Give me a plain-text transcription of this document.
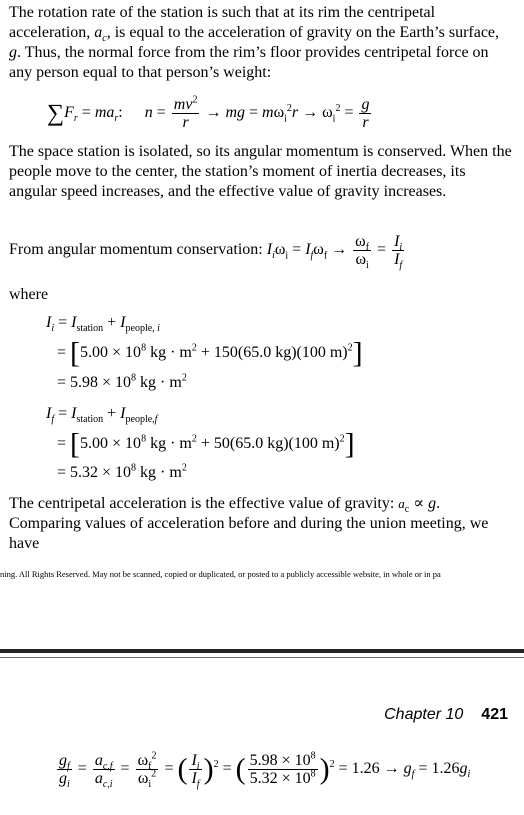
The rotation rate of the station is such that at its rim the centripetal acceleration, $a_c$, is equal to the acceleration of gravity on the Earth’s surface, g. Thus, the normal force from the rim’s floor provides centripetal force on any person equal to that person’s weight:

$\sum F_r = ma_r$: $n = \frac{mv^2}{r}$ → mg = $m\omega_i^2r \to \omega_i^2 = \frac{g}{r}$

The space station is isolated, so its angular momentum is conserved. When the people move to the center, the station’s moment of inertia decreases, its angular speed increases, and the effective value of gravity increases.

From angular momentum conservation: $I_i\omega_i = I_f\omega_f \to \frac{\omega_f}{\omega_i} = \frac{I_i}{I_f}$
where
$I_i = I_{station} + I_{people, i}$
= [$5.00 \times 10^8$ kg · $m^2 + 150(65.0$ kg)(100 m)$^2$]
= $5.98 \times 10^8$ kg · $m^2$
$I_f = I_{station} + I_{people,f}$
= [$5.00 \times 10^8$ kg · $m^2 + 50(65.0$ kg)(100 m)$^2$]
= $5.32 \times 10^8$ kg · $m^2$

The centripetal acceleration is the effective value of gravity: $a_c \propto g$.
Comparing values of acceleration before and during the union meeting, we have

ning. All Rights Reserved. May not be scanned, copied or duplicated, or posted to a publicly accessible website, in whole or in pa
Chapter 10 421
$\frac{g_f}{g_i} = \frac{a_{c,f}}{a_{c,i}} = \frac{\omega_f^2}{\omega_i^2}$ = ( $\frac{I_i}{I_f} )^2$ = ( $\frac{5.98 \times 10^8}{5.32 \times 10^8} )^2 = 1.26 \to g_f = 1.26g_i$
